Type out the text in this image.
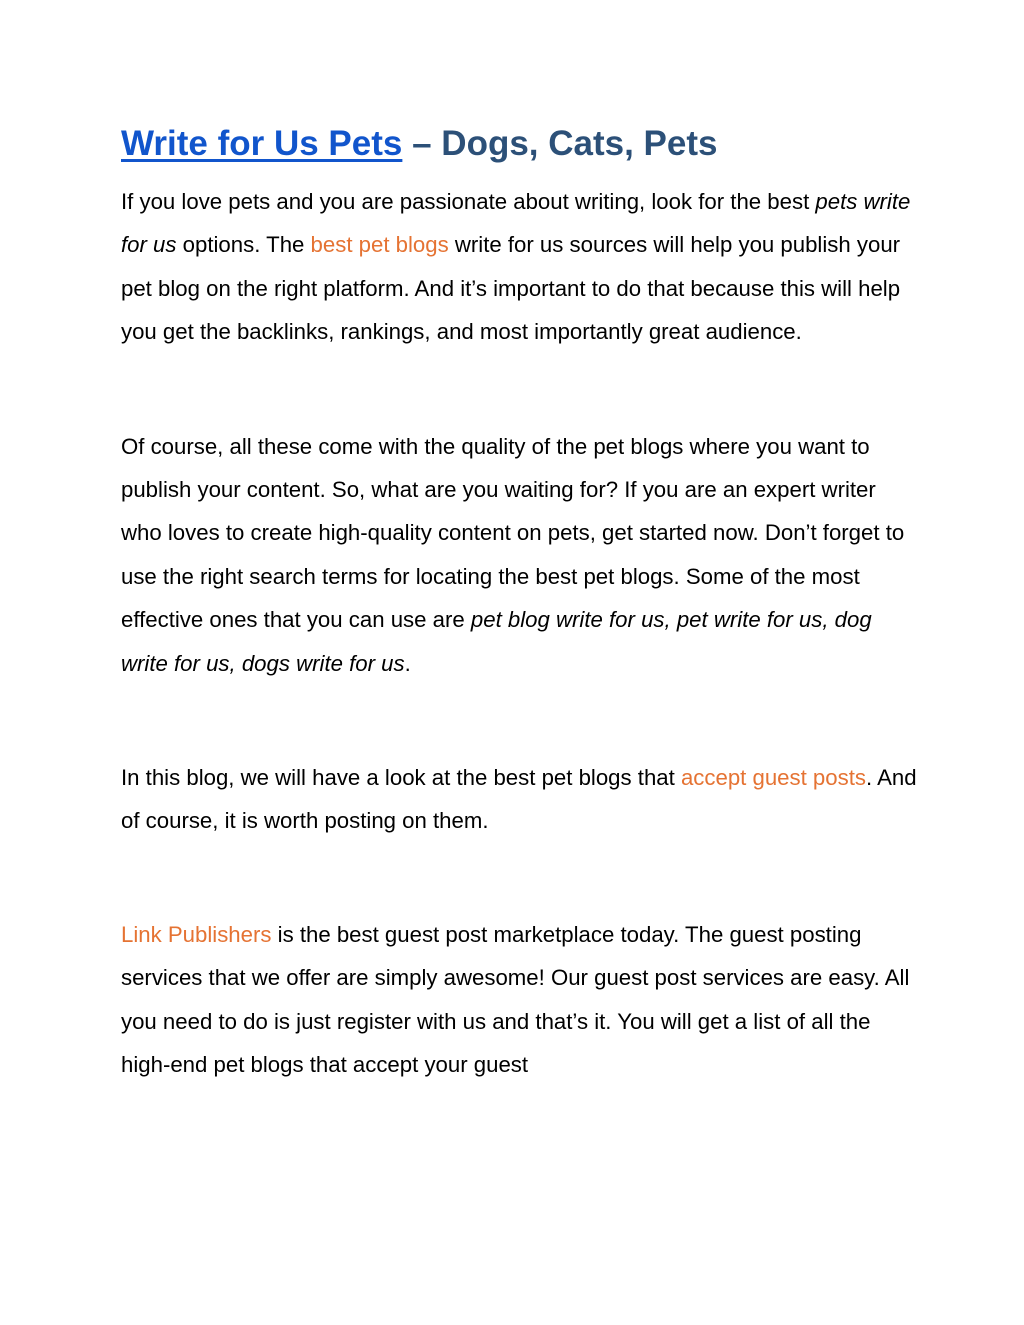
Write for Us Pets – Dogs, Cats, Pets

If you love pets and you are passionate about writing, look for the best pets write for us options. The best pet blogs write for us sources will help you publish your pet blog on the right platform. And it’s important to do that because this will help you get the backlinks, rankings, and most importantly great audience.

Of course, all these come with the quality of the pet blogs where you want to publish your content. So, what are you waiting for? If you are an expert writer who loves to create high-quality content on pets, get started now. Don’t forget to use the right search terms for locating the best pet blogs. Some of the most effective ones that you can use are pet blog write for us, pet write for us, dog write for us, dogs write for us.

In this blog, we will have a look at the best pet blogs that accept guest posts. And of course, it is worth posting on them.

Link Publishers is the best guest post marketplace today. The guest posting services that we offer are simply awesome! Our guest post services are easy. All you need to do is just register with us and that’s it. You will get a list of all the high-end pet blogs that accept your guest
